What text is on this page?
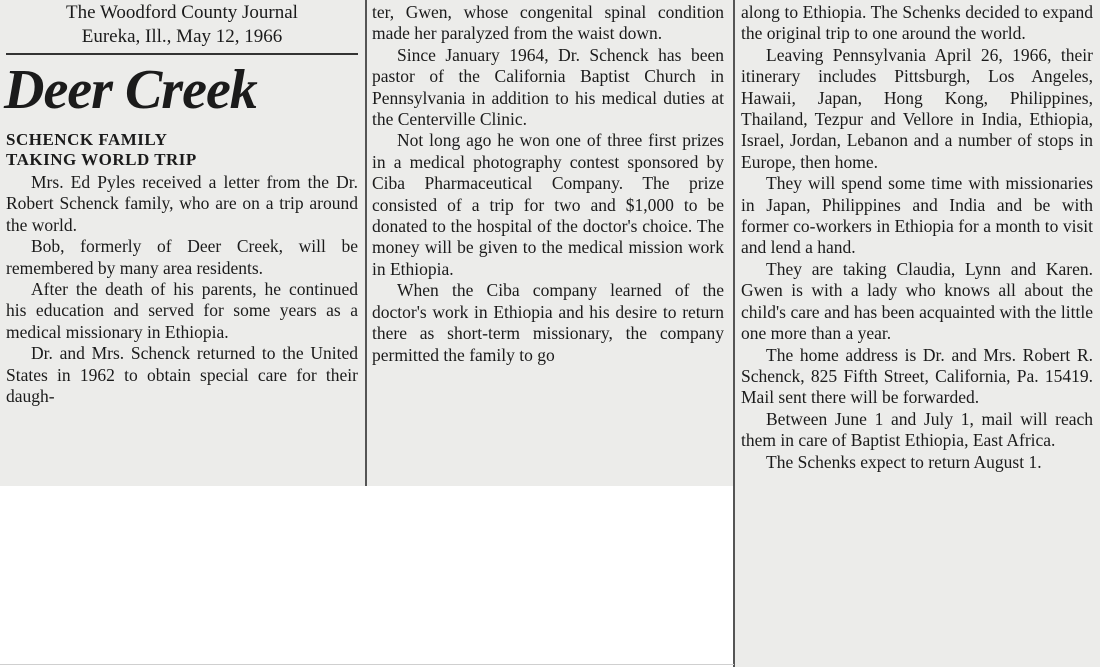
The Woodford County Journal
Eureka, Ill., May 12, 1966
Deer Creek
SCHENCK FAMILY
TAKING WORLD TRIP

Mrs. Ed Pyles received a letter from the Dr. Robert Schenck family, who are on a trip around the world.

Bob, formerly of Deer Creek, will be remembered by many area residents.

After the death of his parents, he continued his education and served for some years as a medical missionary in Ethiopia.

Dr. and Mrs. Schenck returned to the United States in 1962 to obtain special care for their daugh-

ter, Gwen, whose congenital spinal condition made her paralyzed from the waist down.

Since January 1964, Dr. Schenck has been pastor of the California Baptist Church in Pennsylvania in addition to his medical duties at the Centerville Clinic.

Not long ago he won one of three first prizes in a medical photography contest sponsored by Ciba Pharmaceutical Company. The prize consisted of a trip for two and $1,000 to be donated to the hospital of the doctor's choice. The money will be given to the medical mission work in Ethiopia.

When the Ciba company learned of the doctor's work in Ethiopia and his desire to return there as short-term missionary, the company permitted the family to go

along to Ethiopia. The Schenks decided to expand the original trip to one around the world.

Leaving Pennsylvania April 26, 1966, their itinerary includes Pittsburgh, Los Angeles, Hawaii, Japan, Hong Kong, Philippines, Thailand, Tezpur and Vellore in India, Ethiopia, Israel, Jordan, Lebanon and a number of stops in Europe, then home.

They will spend some time with missionaries in Japan, Philippines and India and be with former co-workers in Ethiopia for a month to visit and lend a hand.

They are taking Claudia, Lynn and Karen. Gwen is with a lady who knows all about the child's care and has been acquainted with the little one more than a year.

The home address is Dr. and Mrs. Robert R. Schenck, 825 Fifth Street, California, Pa. 15419. Mail sent there will be forwarded.

Between June 1 and July 1, mail will reach them in care of Baptist Ethiopia, East Africa.

The Schenks expect to return August 1.
